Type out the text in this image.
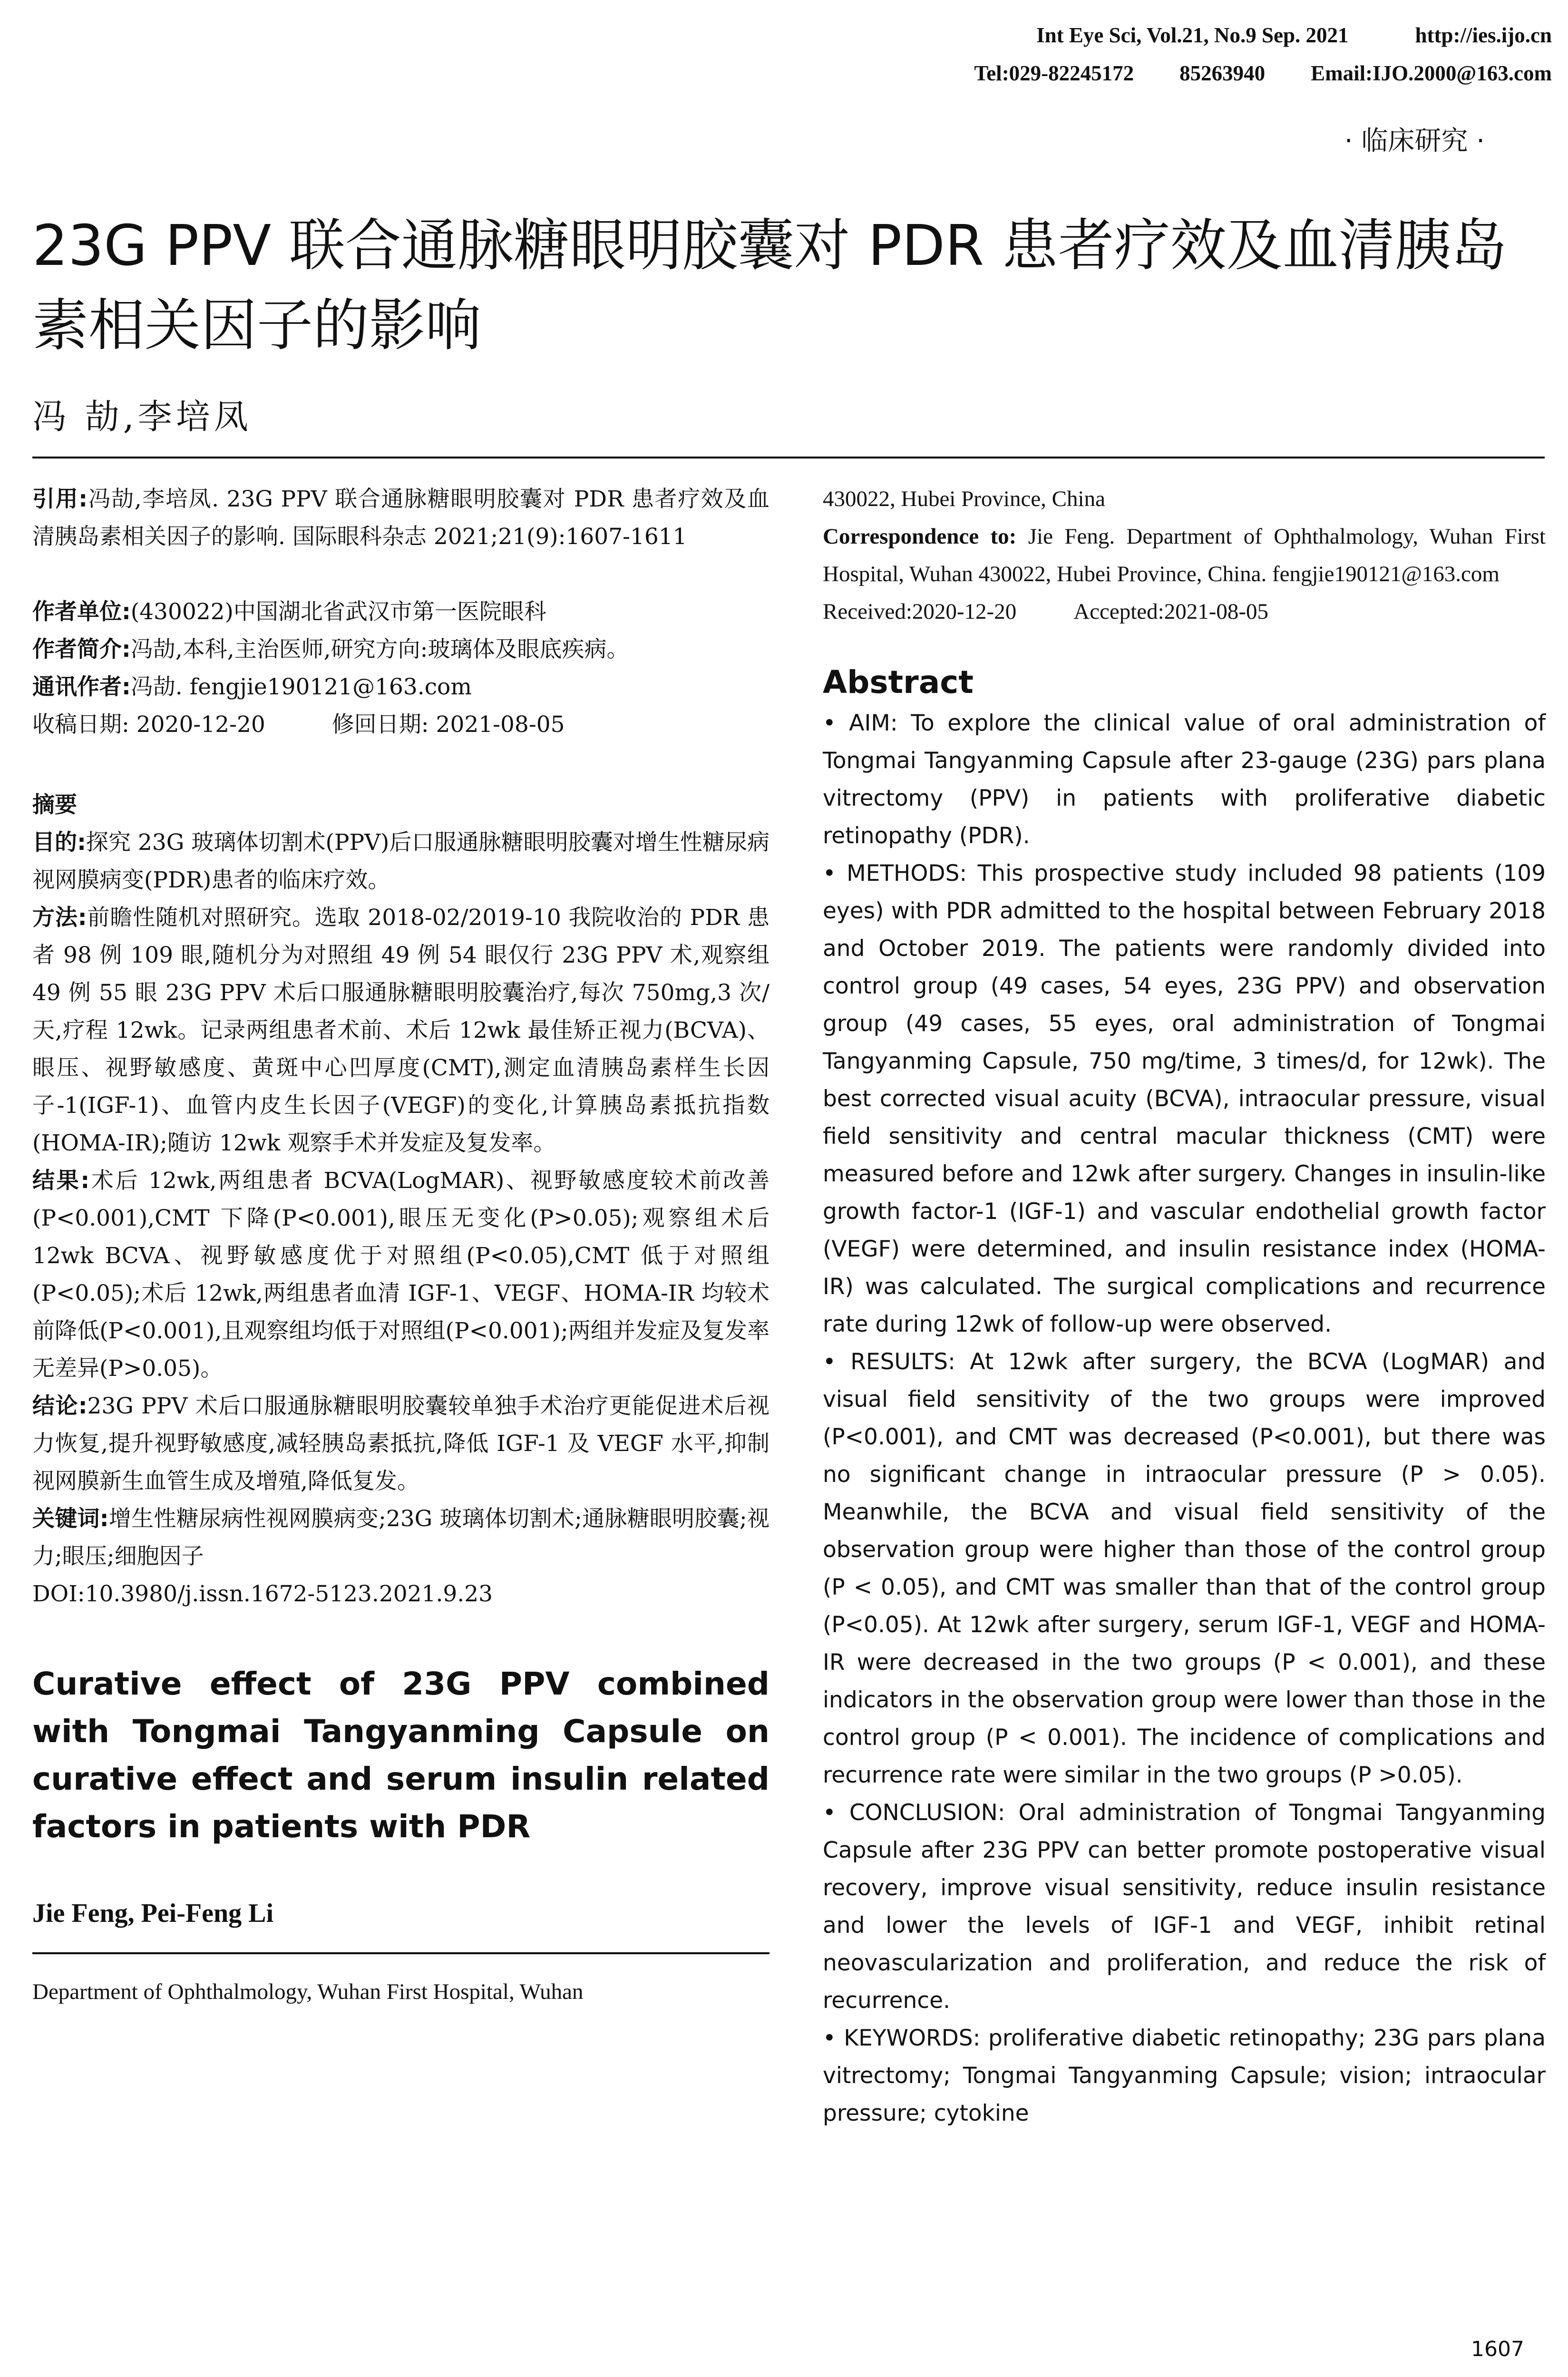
Int Eye Sci, Vol.21, No.9 Sep. 2021	http://ies.ijo.cn
Tel:029-82245172 85263940 Email:IJO.2000@163.com
· 临床研究 ·
23G PPV 联合通脉糖眼明胶囊对 PDR 患者疗效及血清胰岛素相关因子的影响
冯 劼,李培凤

引用:冯劼,李培凤. 23G PPV 联合通脉糖眼明胶囊对 PDR 患者疗效及血清胰岛素相关因子的影响. 国际眼科杂志 2021;21(9):1607-1611

作者单位:(430022)中国湖北省武汉市第一医院眼科

作者简介:冯劼,本科,主治医师,研究方向:玻璃体及眼底疾病。

通讯作者:冯劼. fengjie190121@163.com

收稿日期: 2020-12-20	修回日期: 2021-08-05

摘要

目的:探究 23G 玻璃体切割术(PPV)后口服通脉糖眼明胶囊对增生性糖尿病视网膜病变(PDR)患者的临床疗效。

方法:前瞻性随机对照研究。选取 2018-02/2019-10 我院收治的 PDR 患者 98 例 109 眼,随机分为对照组 49 例 54 眼仅行 23G PPV 术,观察组 49 例 55 眼 23G PPV 术后口服通脉糖眼明胶囊治疗,每次 750mg,3 次/天,疗程 12wk。记录两组患者术前、术后 12wk 最佳矫正视力(BCVA)、眼压、视野敏感度、黄斑中心凹厚度(CMT),测定血清胰岛素样生长因子-1(IGF-1)、血管内皮生长因子(VEGF)的变化,计算胰岛素抵抗指数(HOMA-IR);随访 12wk 观察手术并发症及复发率。

结果:术后 12wk,两组患者 BCVA(LogMAR)、视野敏感度较术前改善(P<0.001),CMT 下降(P<0.001),眼压无变化(P>0.05);观察组术后 12wk BCVA、视野敏感度优于对照组(P<0.05),CMT 低于对照组(P<0.05);术后 12wk,两组患者血清 IGF-1、VEGF、HOMA-IR 均较术前降低(P<0.001),且观察组均低于对照组(P<0.001);两组并发症及复发率无差异(P>0.05)。

结论:23G PPV 术后口服通脉糖眼明胶囊较单独手术治疗更能促进术后视力恢复,提升视野敏感度,减轻胰岛素抵抗,降低 IGF-1 及 VEGF 水平,抑制视网膜新生血管生成及增殖,降低复发。

关键词:增生性糖尿病性视网膜病变;23G 玻璃体切割术;通脉糖眼明胶囊;视力;眼压;细胞因子

DOI:10.3980/j.issn.1672-5123.2021.9.23

Curative effect of 23G PPV combined with Tongmai Tangyanming Capsule on curative effect and serum insulin related factors in patients with PDR
Jie Feng, Pei-Feng Li

Department of Ophthalmology, Wuhan First Hospital, Wuhan

430022, Hubei Province, China

Correspondence to: Jie Feng. Department of Ophthalmology, Wuhan First Hospital, Wuhan 430022, Hubei Province, China. fengjie190121@163.com

Received:2020-12-20	Accepted:2021-08-05

Abstract

• AIM: To explore the clinical value of oral administration of Tongmai Tangyanming Capsule after 23-gauge (23G) pars plana vitrectomy (PPV) in patients with proliferative diabetic retinopathy (PDR).

• METHODS: This prospective study included 98 patients (109 eyes) with PDR admitted to the hospital between February 2018 and October 2019. The patients were randomly divided into control group (49 cases, 54 eyes, 23G PPV) and observation group (49 cases, 55 eyes, oral administration of Tongmai Tangyanming Capsule, 750 mg/time, 3 times/d, for 12wk). The best corrected visual acuity (BCVA), intraocular pressure, visual field sensitivity and central macular thickness (CMT) were measured before and 12wk after surgery. Changes in insulin-like growth factor-1 (IGF-1) and vascular endothelial growth factor (VEGF) were determined, and insulin resistance index (HOMA-IR) was calculated. The surgical complications and recurrence rate during 12wk of follow-up were observed.

• RESULTS: At 12wk after surgery, the BCVA (LogMAR) and visual field sensitivity of the two groups were improved (P<0.001), and CMT was decreased (P<0.001), but there was no significant change in intraocular pressure (P > 0.05). Meanwhile, the BCVA and visual field sensitivity of the observation group were higher than those of the control group (P < 0.05), and CMT was smaller than that of the control group (P<0.05). At 12wk after surgery, serum IGF-1, VEGF and HOMA-IR were decreased in the two groups (P < 0.001), and these indicators in the observation group were lower than those in the control group (P < 0.001). The incidence of complications and recurrence rate were similar in the two groups (P >0.05).

• CONCLUSION: Oral administration of Tongmai Tangyanming Capsule after 23G PPV can better promote postoperative visual recovery, improve visual sensitivity, reduce insulin resistance and lower the levels of IGF-1 and VEGF, inhibit retinal neovascularization and proliferation, and reduce the risk of recurrence.

• KEYWORDS: proliferative diabetic retinopathy; 23G pars plana vitrectomy; Tongmai Tangyanming Capsule; vision; intraocular pressure; cytokine

1607
